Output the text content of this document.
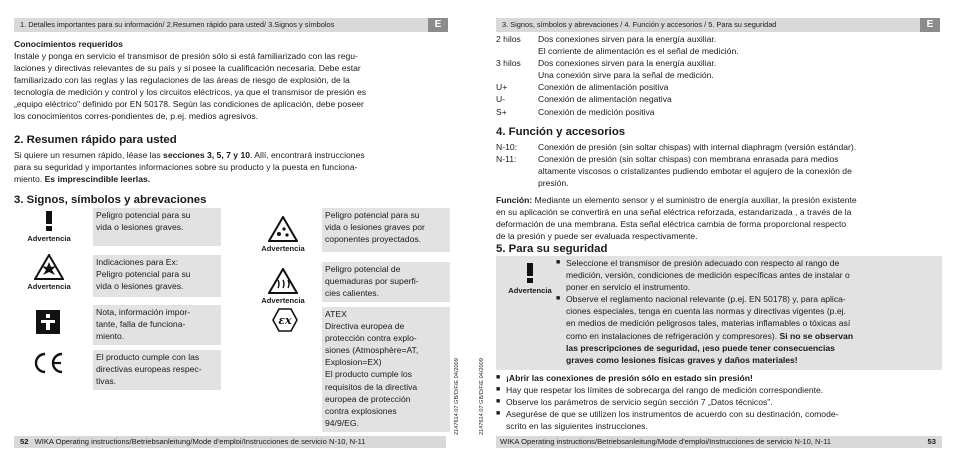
1. Detalles importantes para su información/ 2.Resumen rápido para usted/ 3.Signos y símbolos	E
Conocimientos requeridos
Instale y ponga en servicio el transmisor de presión sólo si está familiarizado con las regu-
laciones y directivas relevantes de su país y si posee la cualificación necesaria. Debe estar
familiarizado con las reglas y las regulaciones de las áreas de riesgo de explosión, de la
tecnología de medición y control y los circuitos eléctricos, ya que el transmisor de presión es
„equipo eléctrico" definido por EN 50178. Según las condiciones de aplicación, debe poseer
los conocimientos corres-pondientes de, p.ej. medios agresivos.
2. Resumen rápido para usted
Si quiere un resumen rápido, léase las secciones 3, 5, 7 y 10. Allí, encontrará instrucciones
para su seguridad y importantes informaciones sobre su producto y la puesta en funciona-
miento. Es imprescindible leerlas.
3. Signos, símbolos y abrevaciones
Advertencia
Peligro potencial para su
vida o lesiones graves.
Advertencia
Indicaciones para Ex:
Peligro potencial para su
vida o lesiones graves.
Nota, información impor-
tante, falla de funciona-
miento.
El producto cumple con las
directivas europeas respec-
tivas.
Advertencia
Peligro potencial para su
vida o lesiones graves por
coponentes proyectados.
Advertencia
Peligro potencial de
quemaduras por superfi-
cies calientes.
εx	ATEX
Directiva europea de
protección contra explo-
siones (Atmosphère=AT,
Explosion=EX)
El producto cumple los
requisitos de la directiva
europea de protección
contra explosiones
94/9/EG.
52 WIKA Operating instructions/Betriebsanleitung/Mode d'emploi/Instrucciones de servicio N-10, N-11
2147614.07 GB/D/F/E 04/2009	2147614.07 GB/D/F/E 04/2009
3. Signos, símbolos y abrevaciones / 4. Función y accesorios / 5. Para su seguridad	E
2 hilos Dos conexiones sirven para la energía auxiliar.
El corriente de alimentación es el señal de medición.
3 hilos Dos conexiones sirven para la energía auxiliar.
Una conexión sirve para la señal de medición.
U+	Conexión de alimentación positiva
U-	Conexión de alimentación negativa
S+	Conexión de medición positiva
4. Función y accesorios
N-10: Conexión de presión (sin soltar chispas) with internal diaphragm (versión estándar).
N-11:	Conexión de presión (sin soltar chispas) con membrana enrasada para medios
altamente viscosos o cristalizantes pudiendo embotar el agujero de la conexión de
presión.
Función: Mediante un elemento sensor y el suministro de energía auxiliar, la presión existente
en su aplicación se convertirá en una señal eléctrica reforzada, estandarizada , a través de la
deformación de una membrana. Esta señal eléctrica cambia de forma proporcional respecto
de la presión y puede ser evaluada respectivamente.
5. Para su seguridad
Advertencia
■ Seleccione el transmisor de presión adecuado con respecto al rango de
medición, versión, condiciones de medición específicas antes de instalar o
poner en servicio el instrumento.
■ Observe el reglamento nacional relevante (p.ej. EN 50178) y, para aplica-
ciones especiales, tenga en cuenta las normas y directivas vigentes (p.ej.
en medios de medición peligrosos tales, materias inflamables o tóxicas así
como en instalaciones de refrigeración y compresores). Si no se observan
las prescripciones de seguridad, ¡eso puede tener consecuencias
graves como lesiones físicas graves y daños materiales!
■ ¡Abrir las conexiones de presión sólo en estado sin presión!
■ Hay que respetar los límites de sobrecarga del rango de medición correspondiente.
■ Observe los parámetros de servicio según sección 7 „Datos técnicos".
■ Asegurése de que se utilizen los instrumentos de acuerdo con su destinación, comode-
scrito en las siguientes instrucciones.
WIKA Operating instructions/Betriebsanleitung/Mode d'emploi/Instrucciones de servicio N-10, N-11	53
